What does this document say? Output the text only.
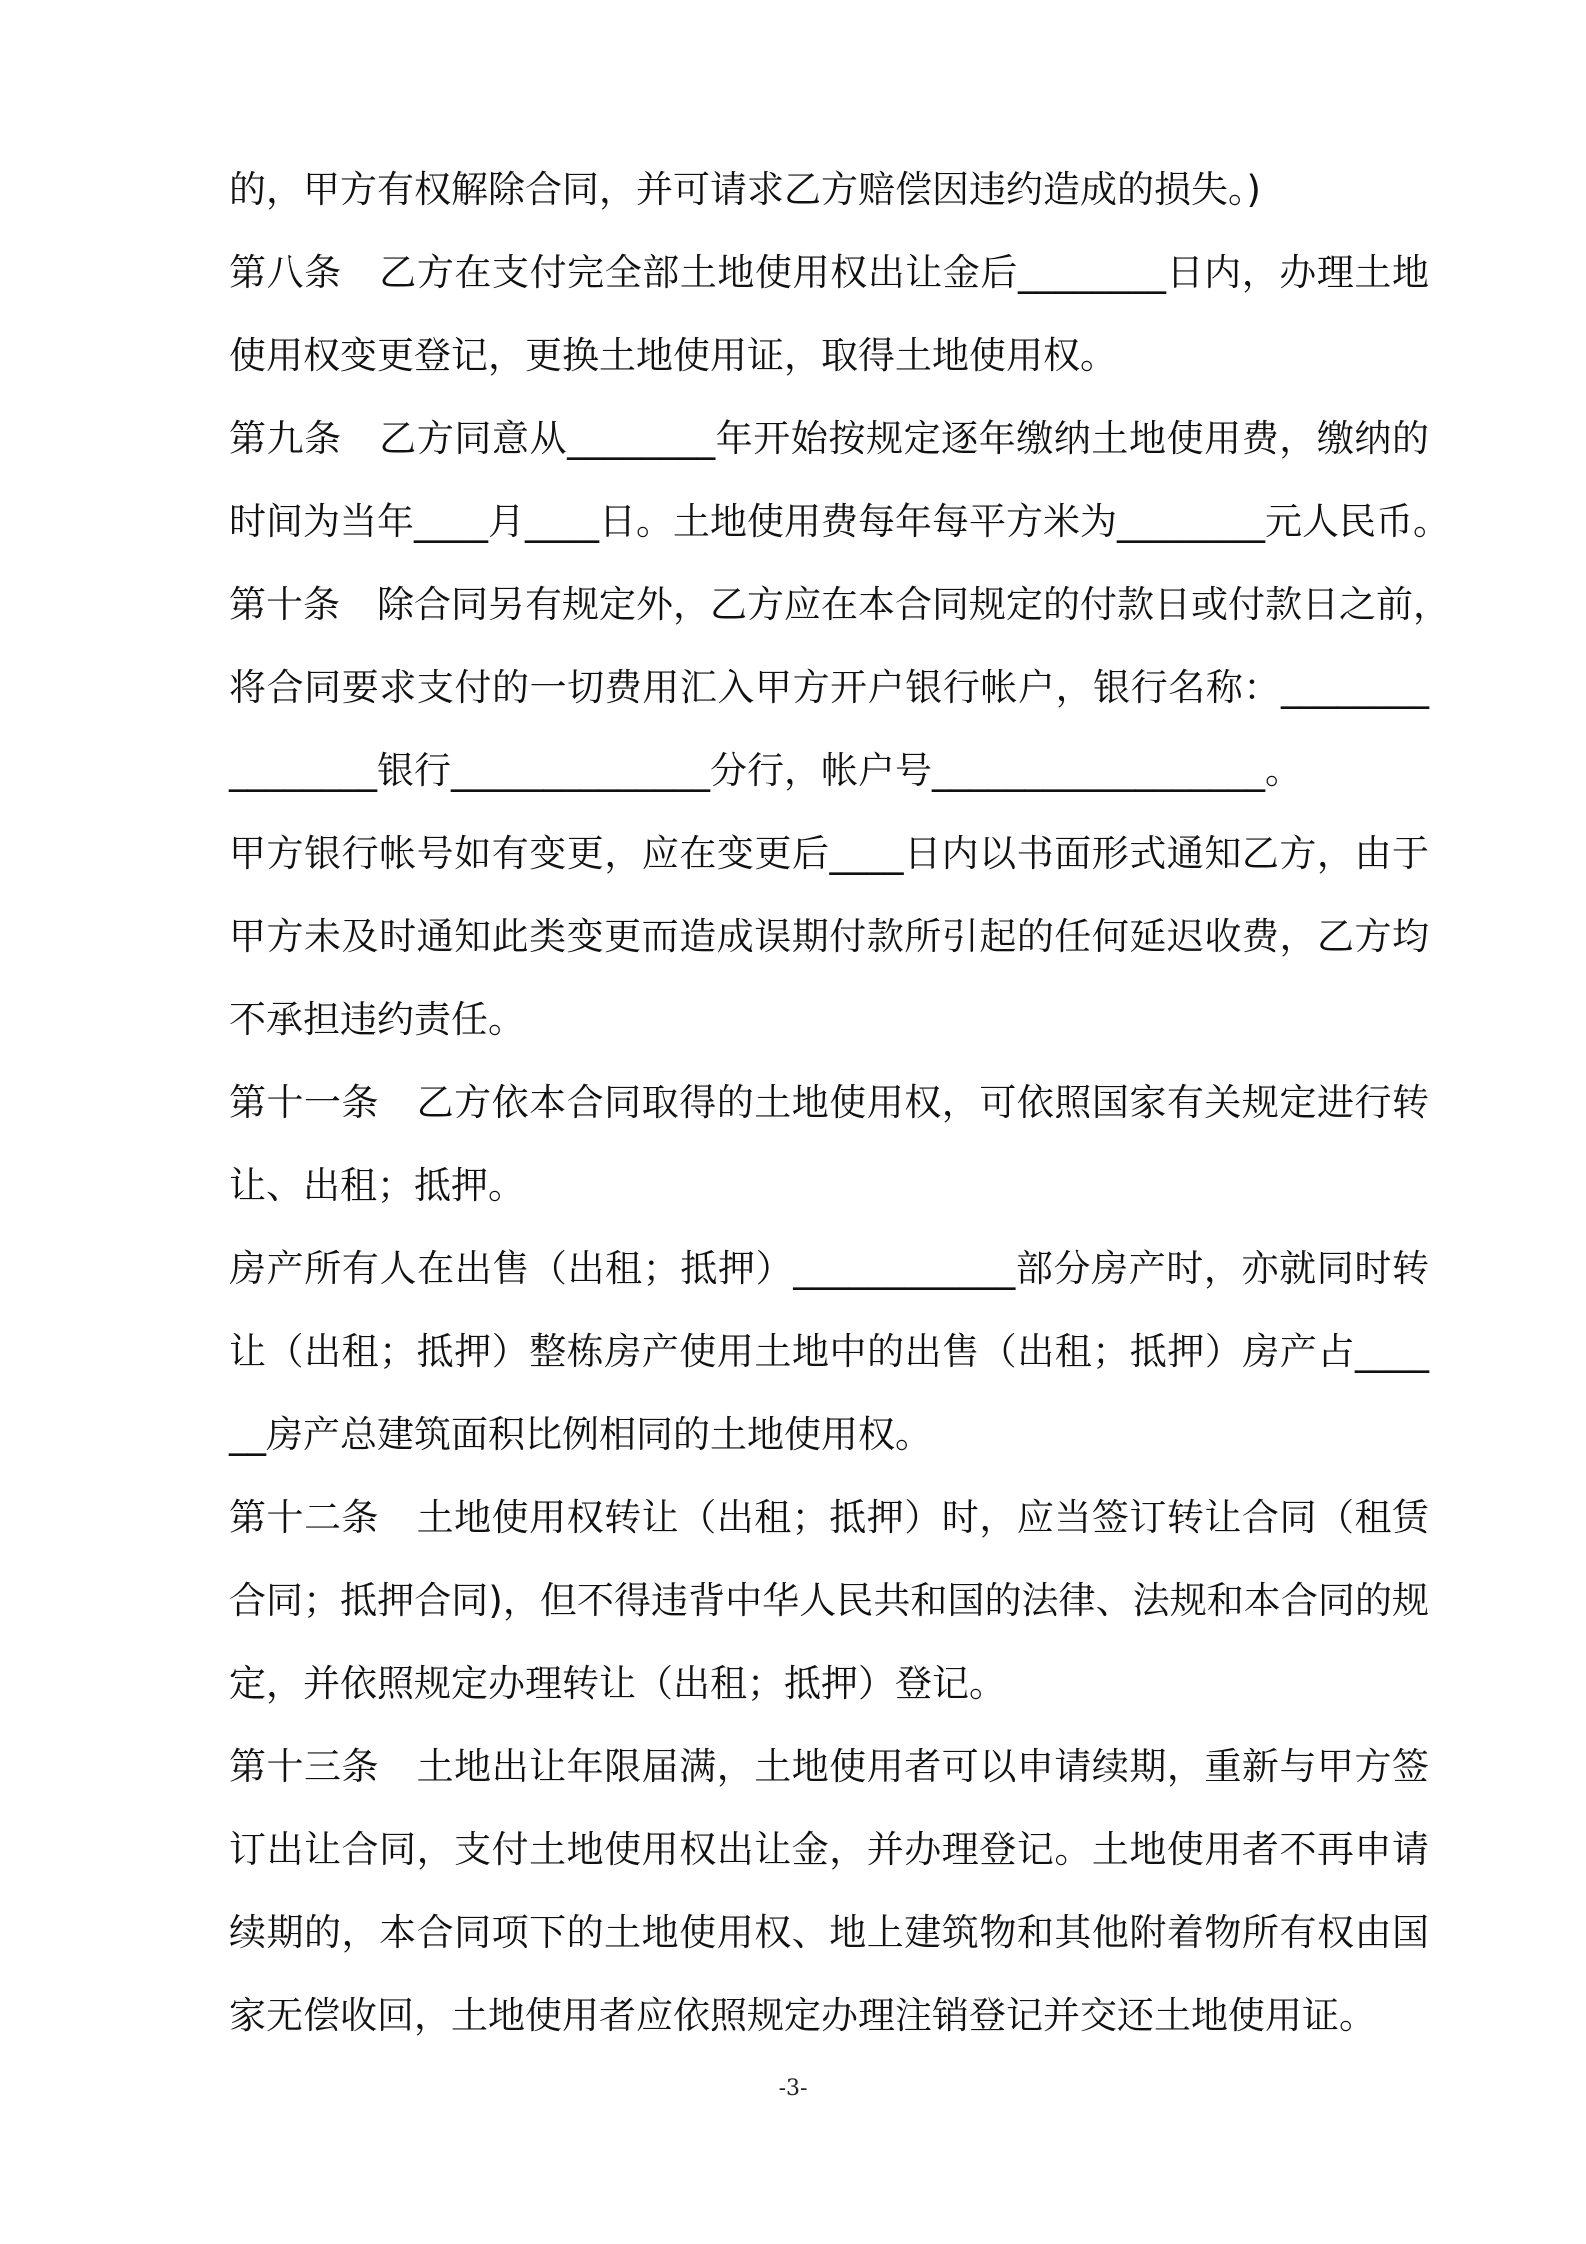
的，甲方有权解除合同，并可请求乙方赔偿因违约造成的损失。)
第八条　乙方在支付完全部土地使用权出让金后________日内，办理土地
使用权变更登记，更换土地使用证，取得土地使用权。
第九条　乙方同意从________年开始按规定逐年缴纳土地使用费，缴纳的
时间为当年____月____日。土地使用费每年每平方米为________元人民币。
第十条　除合同另有规定外，乙方应在本合同规定的付款日或付款日之前，
将合同要求支付的一切费用汇入甲方开户银行帐户，银行名称：________
________银行______________分行，帐户号__________________。
甲方银行帐号如有变更，应在变更后____日内以书面形式通知乙方，由于
甲方未及时通知此类变更而造成误期付款所引起的任何延迟收费，乙方均
不承担违约责任。
第十一条　乙方依本合同取得的土地使用权，可依照国家有关规定进行转
让、出租；抵押。
房产所有人在出售（出租；抵押）____________部分房产时，亦就同时转
让（出租；抵押）整栋房产使用土地中的出售（出租；抵押）房产占____
__房产总建筑面积比例相同的土地使用权。
第十二条　土地使用权转让（出租；抵押）时，应当签订转让合同（租赁
合同；抵押合同)，但不得违背中华人民共和国的法律、法规和本合同的规
定，并依照规定办理转让（出租；抵押）登记。
第十三条　土地出让年限届满，土地使用者可以申请续期，重新与甲方签
订出让合同，支付土地使用权出让金，并办理登记。土地使用者不再申请
续期的，本合同项下的土地使用权、地上建筑物和其他附着物所有权由国
家无偿收回，土地使用者应依照规定办理注销登记并交还土地使用证。
-3-
